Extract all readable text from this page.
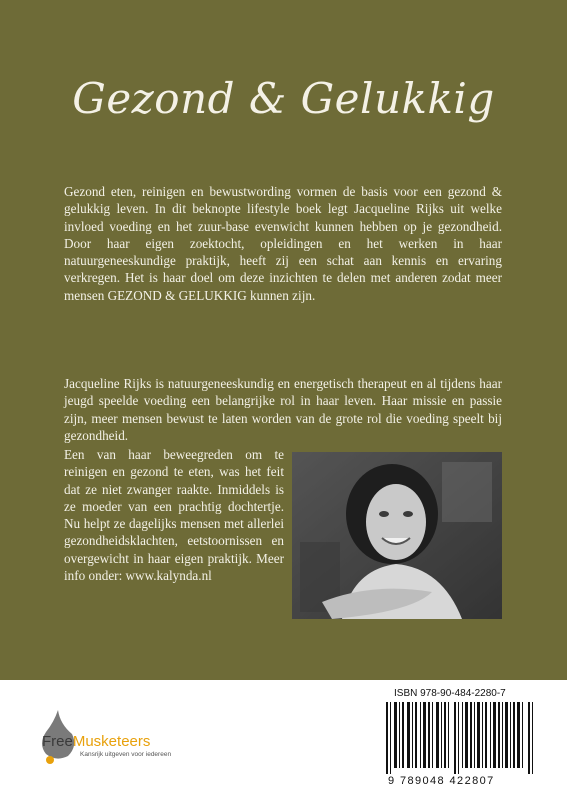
Gezond & Gelukkig

Gezond eten, reinigen en bewustwording vormen de basis voor een gezond & gelukkig leven. In dit beknopte lifestyle boek legt Jacqueline Rijks uit welke invloed voeding en het zuur-base evenwicht kunnen hebben op je gezondheid. Door haar eigen zoektocht, opleidingen en het werken in haar natuurgeneeskundige praktijk, heeft zij een schat aan kennis en ervaring verkregen. Het is haar doel om deze inzichten te delen met anderen zodat meer mensen GEZOND & GELUKKIG kunnen zijn.

Jacqueline Rijks is natuurgeneeskundig en energetisch therapeut en al tijdens haar jeugd speelde voeding een belangrijke rol in haar leven. Haar missie en passie zijn, meer mensen bewust te laten worden van de grote rol die voeding speelt bij gezondheid.

Een van haar beweegreden om te reinigen en gezond te eten, was het feit dat ze niet zwanger raakte. Inmiddels is ze moeder van een prachtig dochtertje. Nu helpt ze dagelijks mensen met allerlei gezondheidsklachten, eetstoornissen en overgewicht in haar eigen praktijk. Meer info onder: www.kalynda.nl

FreeMusketeers
Kansrijk uitgeven voor iedereen
ISBN 978-90-484-2280-7
9 789048 422807
